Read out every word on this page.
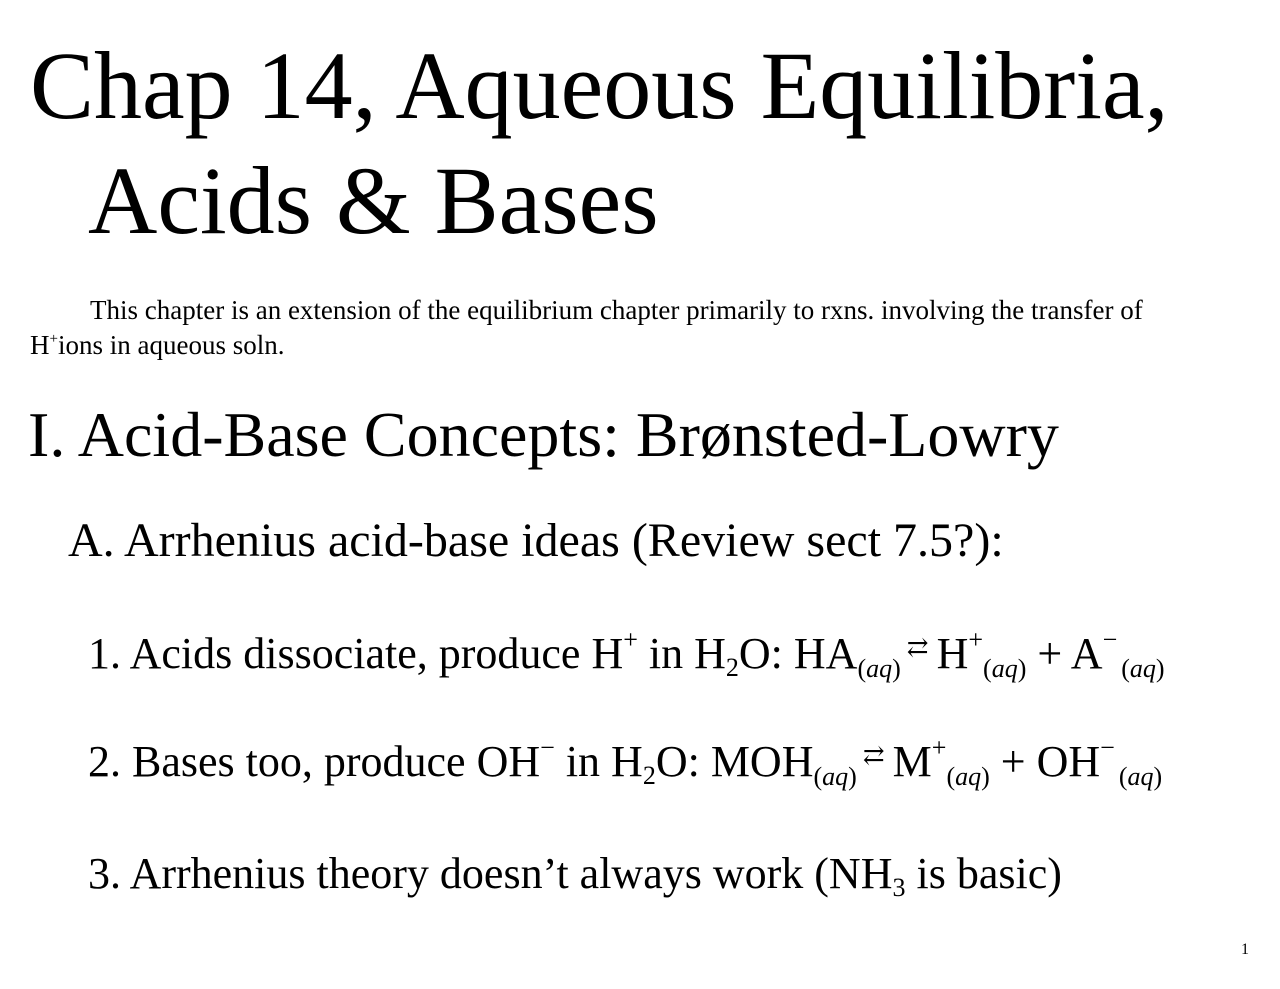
Chap 14, Aqueous Equilibria,
Acids & Bases
This chapter is an extension of the equilibrium chapter primarily to rxns. involving the transfer of
H+ions in aqueous soln.
I. Acid-Base Concepts: Brønsted-Lowry
A. Arrhenius acid-base ideas (Review sect 7.5?):
1. Acids dissociate, produce H+ in $H_2O$: $HA_{(aq)}⇄$ $H^+_{(aq)} + A^-_{(aq)}$
2. Bases too, produce OH− in $H_2O$: $MOH_{(aq)}⇄$ $M^+_{(aq)} + OH^-_{(aq)}$
3. Arrhenius theory doesn’t always work ($NH_3$ is basic)
1
